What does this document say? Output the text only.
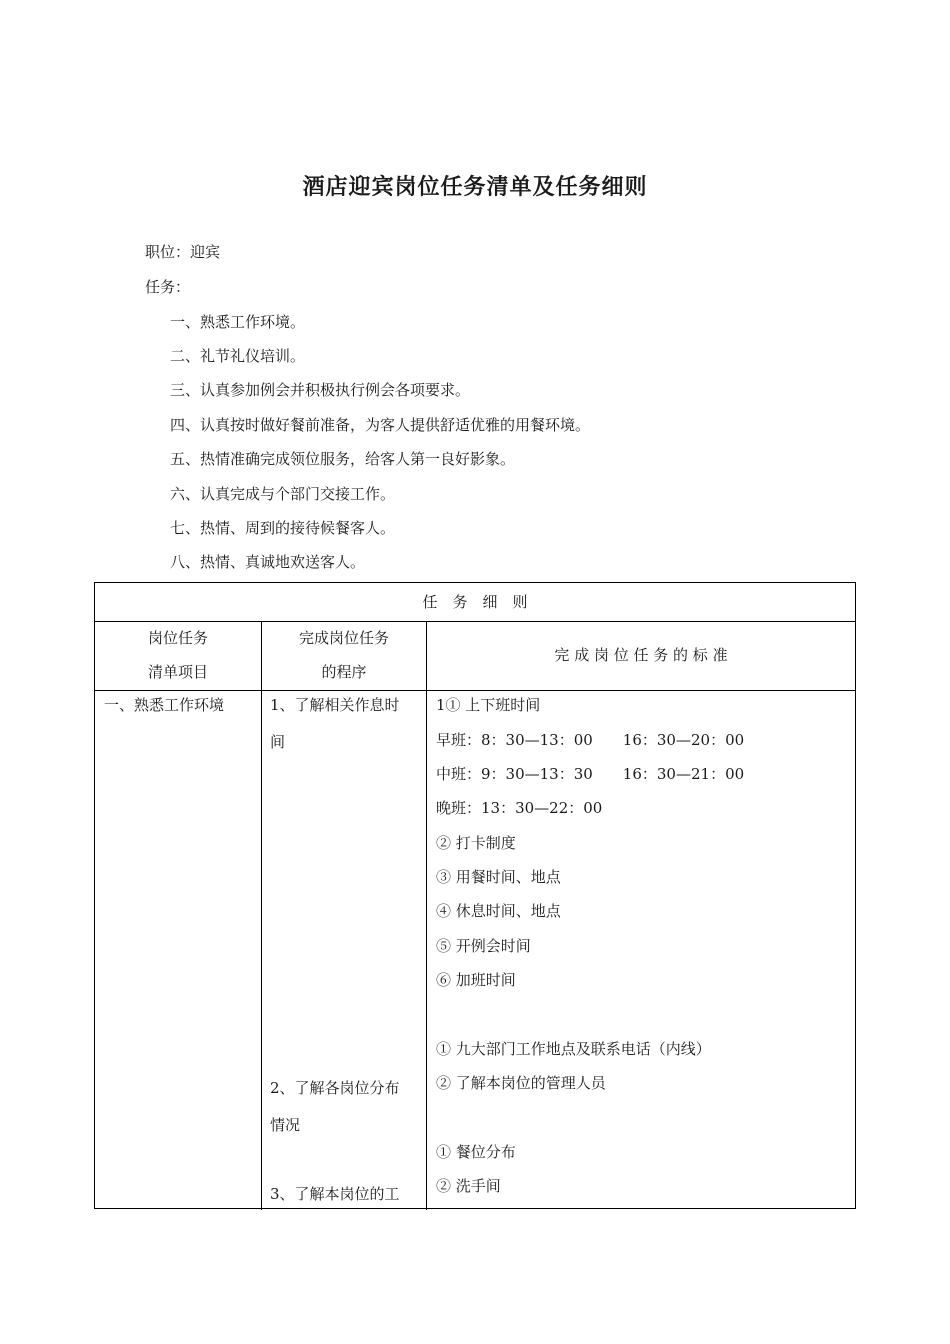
酒店迎宾岗位任务清单及任务细则
职位：迎宾
任务：
一、熟悉工作环境。
二、礼节礼仪培训。
三、认真参加例会并积极执行例会各项要求。
四、认真按时做好餐前准备，为客人提供舒适优雅的用餐环境。
五、热情准确完成领位服务，给客人第一良好影象。
六、认真完成与个部门交接工作。
七、热情、周到的接待候餐客人。
八、热情、真诚地欢送客人。
任　务　细　则
岗位任务
清单项目
完成岗位任务
的程序
完 成 岗 位 任 务 的 标 准
一、熟悉工作环境	1、了解相关作息时
间
2、了解各岗位分布
情况
3、了解本岗位的工
1① 上下班时间
早班：8：30—13：00　　16：30—20：00
中班：9：30—13：30　　16：30—21：00
晚班：13：30—22：00
② 打卡制度
③ 用餐时间、地点
④ 休息时间、地点
⑤ 开例会时间
⑥ 加班时间
① 九大部门工作地点及联系电话（内线）
② 了解本岗位的管理人员
① 餐位分布
② 洗手间
